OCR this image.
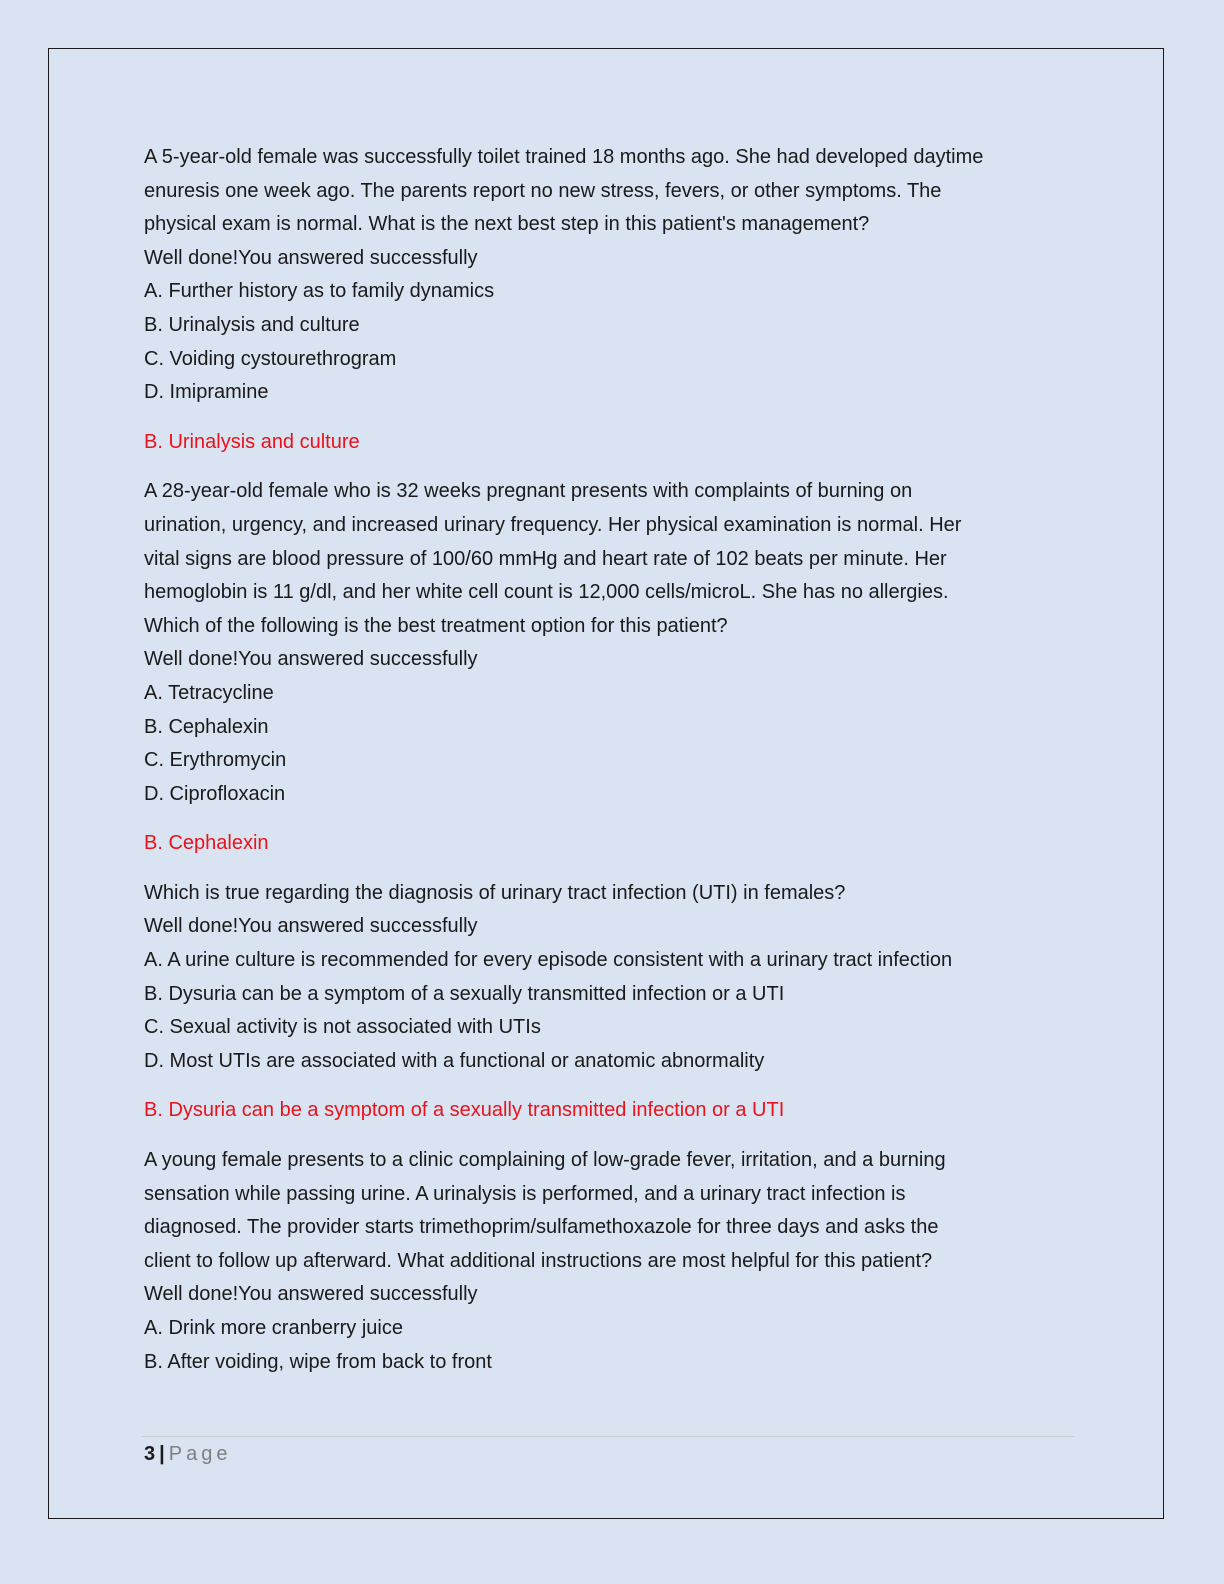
A 5-year-old female was successfully toilet trained 18 months ago. She had developed daytime

enuresis one week ago. The parents report no new stress, fevers, or other symptoms. The

physical exam is normal. What is the next best step in this patient's management?

Well done!You answered successfully

A. Further history as to family dynamics

B. Urinalysis and culture

C. Voiding cystourethrogram

D. Imipramine

B. Urinalysis and culture

A 28-year-old female who is 32 weeks pregnant presents with complaints of burning on

urination, urgency, and increased urinary frequency. Her physical examination is normal. Her

vital signs are blood pressure of 100/60 mmHg and heart rate of 102 beats per minute. Her

hemoglobin is 11 g/dl, and her white cell count is 12,000 cells/microL. She has no allergies.

Which of the following is the best treatment option for this patient?

Well done!You answered successfully

A. Tetracycline

B. Cephalexin

C. Erythromycin

D. Ciprofloxacin

B. Cephalexin

Which is true regarding the diagnosis of urinary tract infection (UTI) in females?

Well done!You answered successfully

A. A urine culture is recommended for every episode consistent with a urinary tract infection

B. Dysuria can be a symptom of a sexually transmitted infection or a UTI

C. Sexual activity is not associated with UTIs

D. Most UTIs are associated with a functional or anatomic abnormality

B. Dysuria can be a symptom of a sexually transmitted infection or a UTI

A young female presents to a clinic complaining of low-grade fever, irritation, and a burning

sensation while passing urine. A urinalysis is performed, and a urinary tract infection is

diagnosed. The provider starts trimethoprim/sulfamethoxazole for three days and asks the

client to follow up afterward. What additional instructions are most helpful for this patient?

Well done!You answered successfully

A. Drink more cranberry juice

B. After voiding, wipe from back to front

3 | Page
